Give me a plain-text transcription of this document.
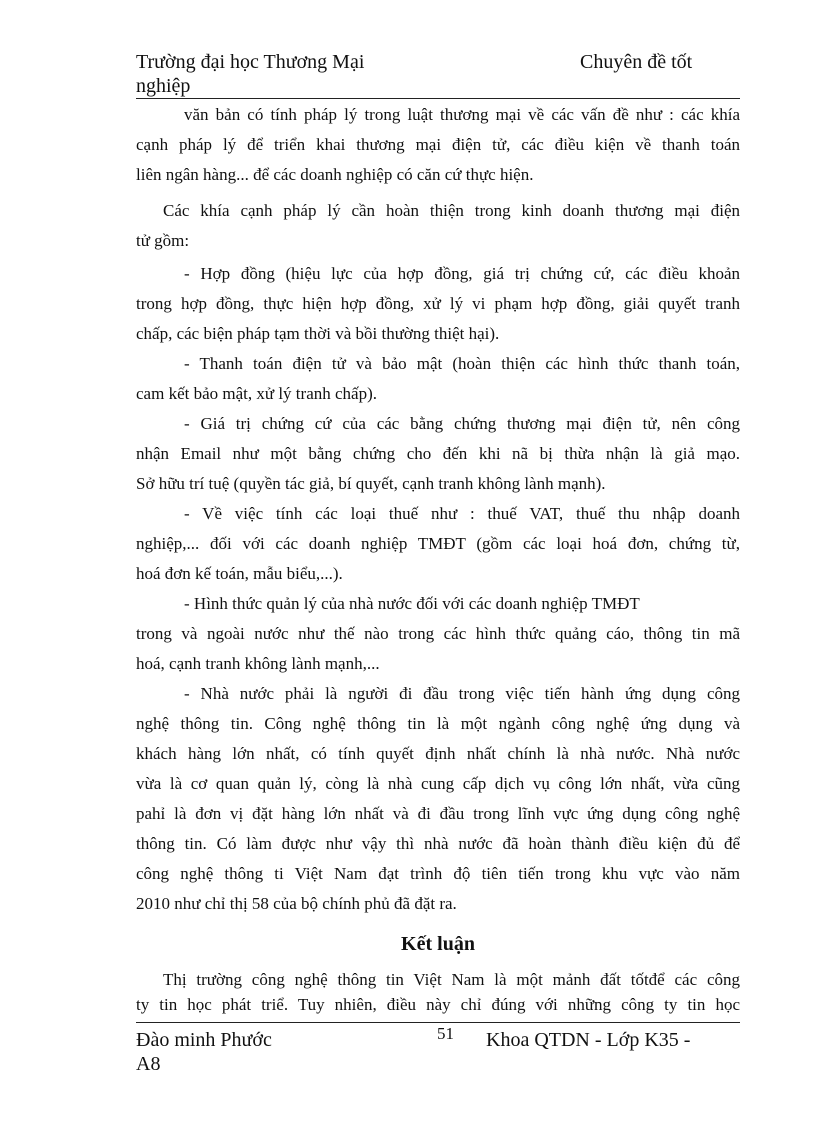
Trường đại học Thương Mại
nghiệp
Chuyên đề tốt
văn bản có tính pháp lý trong luật thương mại về các vấn đề như : các khía
cạnh pháp lý để triển khai thương mại điện tử, các điều kiện về thanh toán
liên ngân hàng... để các doanh nghiệp có căn cứ thực hiện.
Các khía cạnh pháp lý cần hoàn thiện trong kinh doanh thương mại điện
tử gồm:
- Hợp đồng (hiệu lực của hợp đồng, giá trị chứng cứ, các điều khoản
trong hợp đồng, thực hiện hợp đồng, xử lý vi phạm hợp đồng, giải quyết tranh
chấp, các biện pháp tạm thời và bồi thường thiệt hại).
- Thanh toán điện tử và bảo mật (hoàn thiện các hình thức thanh toán,
cam kết bảo mật, xử lý tranh chấp).
- Giá trị chứng cứ của các bằng chứng thương mại điện tử, nên công
nhận Email như một bằng chứng cho đến khi nã bị thừa nhận là giả mạo.
Sở hữu trí tuệ (quyền tác giả, bí quyết, cạnh tranh không lành mạnh).
- Về việc tính các loại thuế như : thuế VAT, thuế thu nhập doanh
nghiệp,... đối với các doanh nghiệp TMĐT (gồm các loại hoá đơn, chứng từ,
hoá đơn kế toán, mẫu biểu,...).
- Hình thức quản lý của nhà nước đối với các doanh nghiệp TMĐT
trong và ngoài nước như thế nào trong các hình thức quảng cáo, thông tin mã
hoá, cạnh tranh không lành mạnh,...
- Nhà nước phải là người đi đầu trong việc tiến hành ứng dụng công
nghệ thông tin. Công nghệ thông tin là một ngành công nghệ ứng dụng và
khách hàng lớn nhất, có tính quyết định nhất chính là nhà nước. Nhà nước
vừa là cơ quan quản lý, còng là nhà cung cấp dịch vụ công lớn nhất, vừa cũng
pahỉ là đơn vị đặt hàng lớn nhất và đi đầu trong lĩnh vực ứng dụng công nghệ
thông tin. Có làm được như vậy thì nhà nước đã hoàn thành điều kiện đủ để
công nghệ thông ti Việt Nam đạt trình độ tiên tiến trong khu vực vào năm
2010 như chỉ thị 58 của bộ chính phủ đã đặt ra.
Kết luận
Thị trường công nghệ thông tin Việt Nam là một mảnh đất tốtđể các công
ty tin học phát triể. Tuy nhiên, điều này chỉ đúng với những công ty tin học
Đào minh Phước
A8
51 Khoa QTDN - Lớp K35 -
